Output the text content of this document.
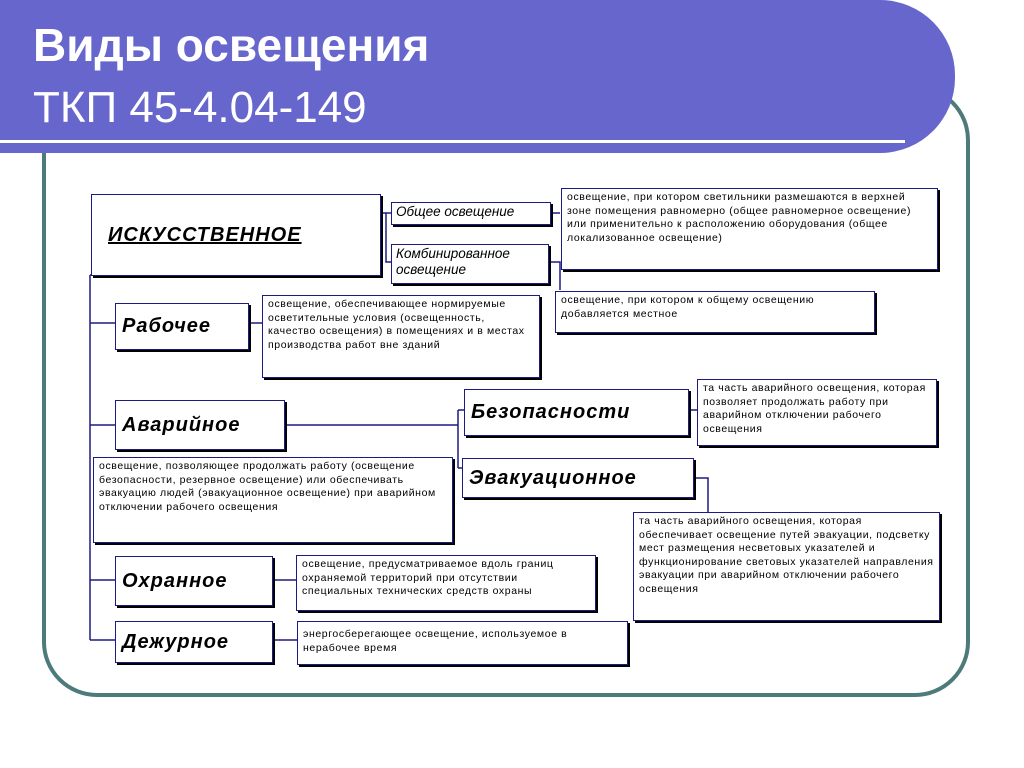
Виды освещения
ТКП 45-4.04-149
ИСКУССТВЕННОЕ
Общее освещение
Комбинированное освещение
освещение, при котором светильники размешаются в верхней зоне помещения равномерно (общее равномерное освещение) или применительно к расположению оборудования (общее локализованное освещение)
освещение, при котором к общему освещению добавляется местное
Рабочее
освещение, обеспечивающее нормируемые осветительные условия (освещенность, качество освещения) в помещениях и в местах производства работ вне зданий
Аварийное
освещение, позволяющее продолжать работу (освещение безопасности, резервное освещение) или обеспечивать эвакуацию людей (эвакуационное освещение) при аварийном отключении рабочего освещения
Безопасности
та часть аварийного освещения, которая позволяет продолжать работу при аварийном отключении рабочего освещения
Эвакуационное
та часть аварийного освещения, которая обеспечивает освещение путей эвакуации, подсветку мест размещения несветовых указателей и функционирование световых указателей направления эвакуации при аварийном отключении рабочего освещения
Охранное
освещение, предусматриваемое вдоль границ охраняемой территорий при отсутствии специальных технических средств охраны
Дежурное	энергосберегающее освещение, используемое в нерабочее время
